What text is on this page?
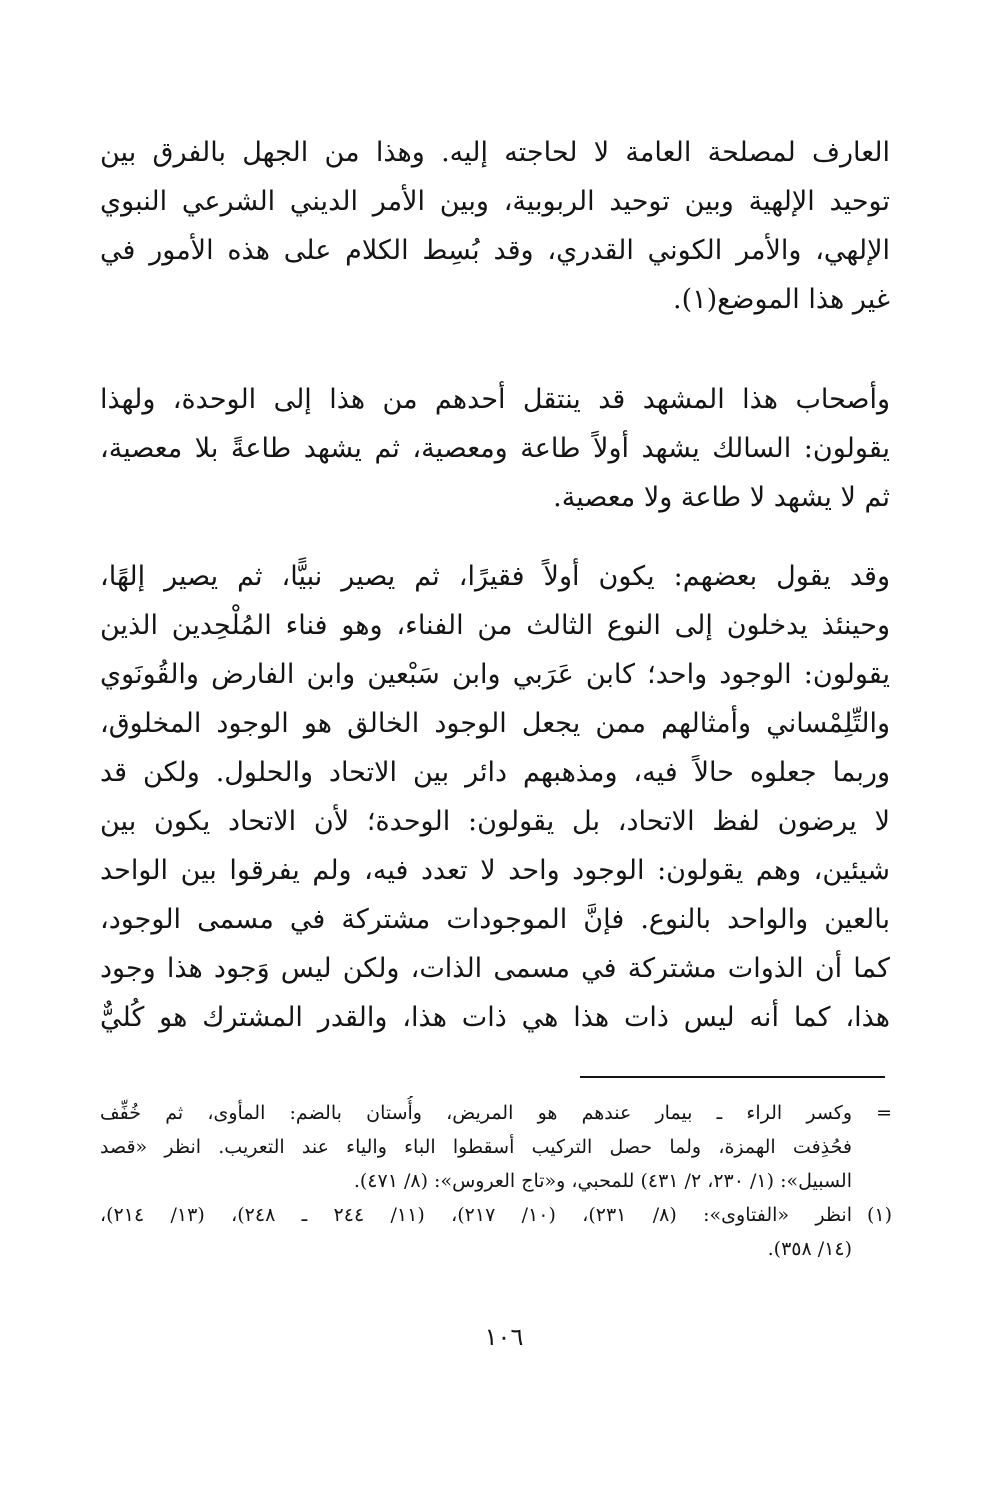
العارف لمصلحة العامة لا لحاجته إليه. وهذا من الجهل بالفرق بين
توحيد الإلهية وبين توحيد الربوبية، وبين الأمر الديني الشرعي النبوي
الإلهي، والأمر الكوني القدري، وقد بُسِط الكلام على هذه الأمور في
غير هذا الموضع(١).
وأصحاب هذا المشهد قد ينتقل أحدهم من هذا إلى الوحدة، ولهذا
يقولون: السالك يشهد أولاً طاعة ومعصية، ثم يشهد طاعةً بلا معصية،
ثم لا يشهد لا طاعة ولا معصية.
وقد يقول بعضهم: يكون أولاً فقيرًا، ثم يصير نبيًّا، ثم يصير إلهًا،
وحينئذ يدخلون إلى النوع الثالث من الفناء، وهو فناء المُلْحِدين الذين
يقولون: الوجود واحد؛ كابن عَرَبي وابن سَبْعين وابن الفارض والقُونَوي
والتِّلِمْساني وأمثالهم ممن يجعل الوجود الخالق هو الوجود المخلوق،
وربما جعلوه حالاً فيه، ومذهبهم دائر بين الاتحاد والحلول. ولكن قد
لا يرضون لفظ الاتحاد، بل يقولون: الوحدة؛ لأن الاتحاد يكون بين
شيئين، وهم يقولون: الوجود واحد لا تعدد فيه، ولم يفرقوا بين الواحد
بالعين والواحد بالنوع. فإنَّ الموجودات مشتركة في مسمى الوجود،
كما أن الذوات مشتركة في مسمى الذات، ولكن ليس وَجود هذا وجود
هذا، كما أنه ليس ذات هذا هي ذات هذا، والقدر المشترك هو كُليٌّ
=
وكسر الراء ـ بيمار عندهم هو المريض، وأُستان بالضم: المأوى، ثم خُفِّف
فحُذِفت الهمزة، ولما حصل التركيب أسقطوا الباء والياء عند التعريب. انظر «قصد
السبيل»: (١/ ٢٣٠، ٢/ ٤٣١) للمحبي، و«تاج العروس»: (٨/ ٤٧١).
(١)
انظر «الفتاوى»: (٨/ ٢٣١)، (١٠/ ٢١٧)، (١١/ ٢٤٤ ـ ٢٤٨)، (١٣/ ٢١٤)،
(١٤/ ٣٥٨).
١٠٦
